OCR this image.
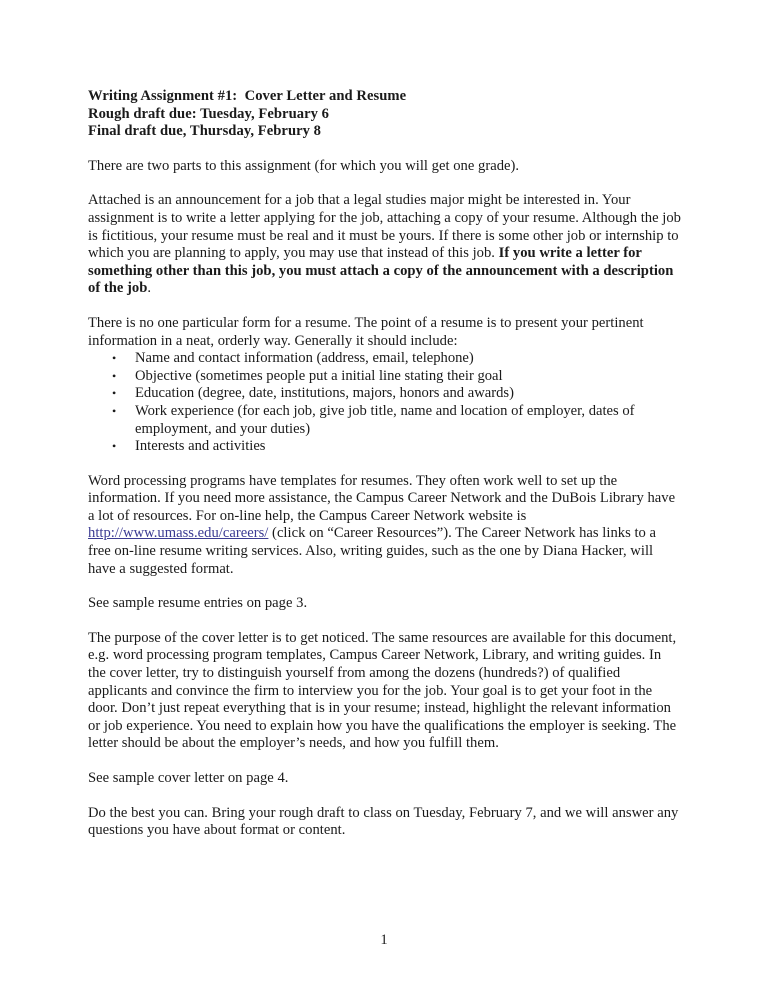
Writing Assignment #1:  Cover Letter and Resume
Rough draft due: Tuesday, February 6
Final draft due, Thursday, Februry 8

There are two parts to this assignment (for which you will get one grade).

Attached is an announcement for a job that a legal studies major might be interested in. Your assignment is to write a letter applying for the job, attaching a copy of your resume. Although the job is fictitious, your resume must be real and it must be yours. If there is some other job or internship to which you are planning to apply, you may use that instead of this job. If you write a letter for something other than this job, you must attach a copy of the announcement with a description of the job.

There is no one particular form for a resume. The point of a resume is to present your pertinent information in a neat, orderly way. Generally it should include:

• Name and contact information (address, email, telephone)
• Objective (sometimes people put a initial line stating their goal
• Education (degree, date, institutions, majors, honors and awards)
• Work experience (for each job, give job title, name and location of employer, dates of employment, and your duties)
• Interests and activities

Word processing programs have templates for resumes. They often work well to set up the information. If you need more assistance, the Campus Career Network and the DuBois Library have a lot of resources. For on-line help, the Campus Career Network website is http://www.umass.edu/careers/ (click on “Career Resources”). The Career Network has links to a free on-line resume writing services. Also, writing guides, such as the one by Diana Hacker, will have a suggested format.

See sample resume entries on page 3.

The purpose of the cover letter is to get noticed. The same resources are available for this document, e.g. word processing program templates, Campus Career Network, Library, and writing guides. In the cover letter, try to distinguish yourself from among the dozens (hundreds?) of qualified applicants and convince the firm to interview you for the job. Your goal is to get your foot in the door. Don’t just repeat everything that is in your resume; instead, highlight the relevant information or job experience. You need to explain how you have the qualifications the employer is seeking. The letter should be about the employer’s needs, and how you fulfill them.

See sample cover letter on page 4.

Do the best you can. Bring your rough draft to class on Tuesday, February 7, and we will answer any questions you have about format or content.

1
